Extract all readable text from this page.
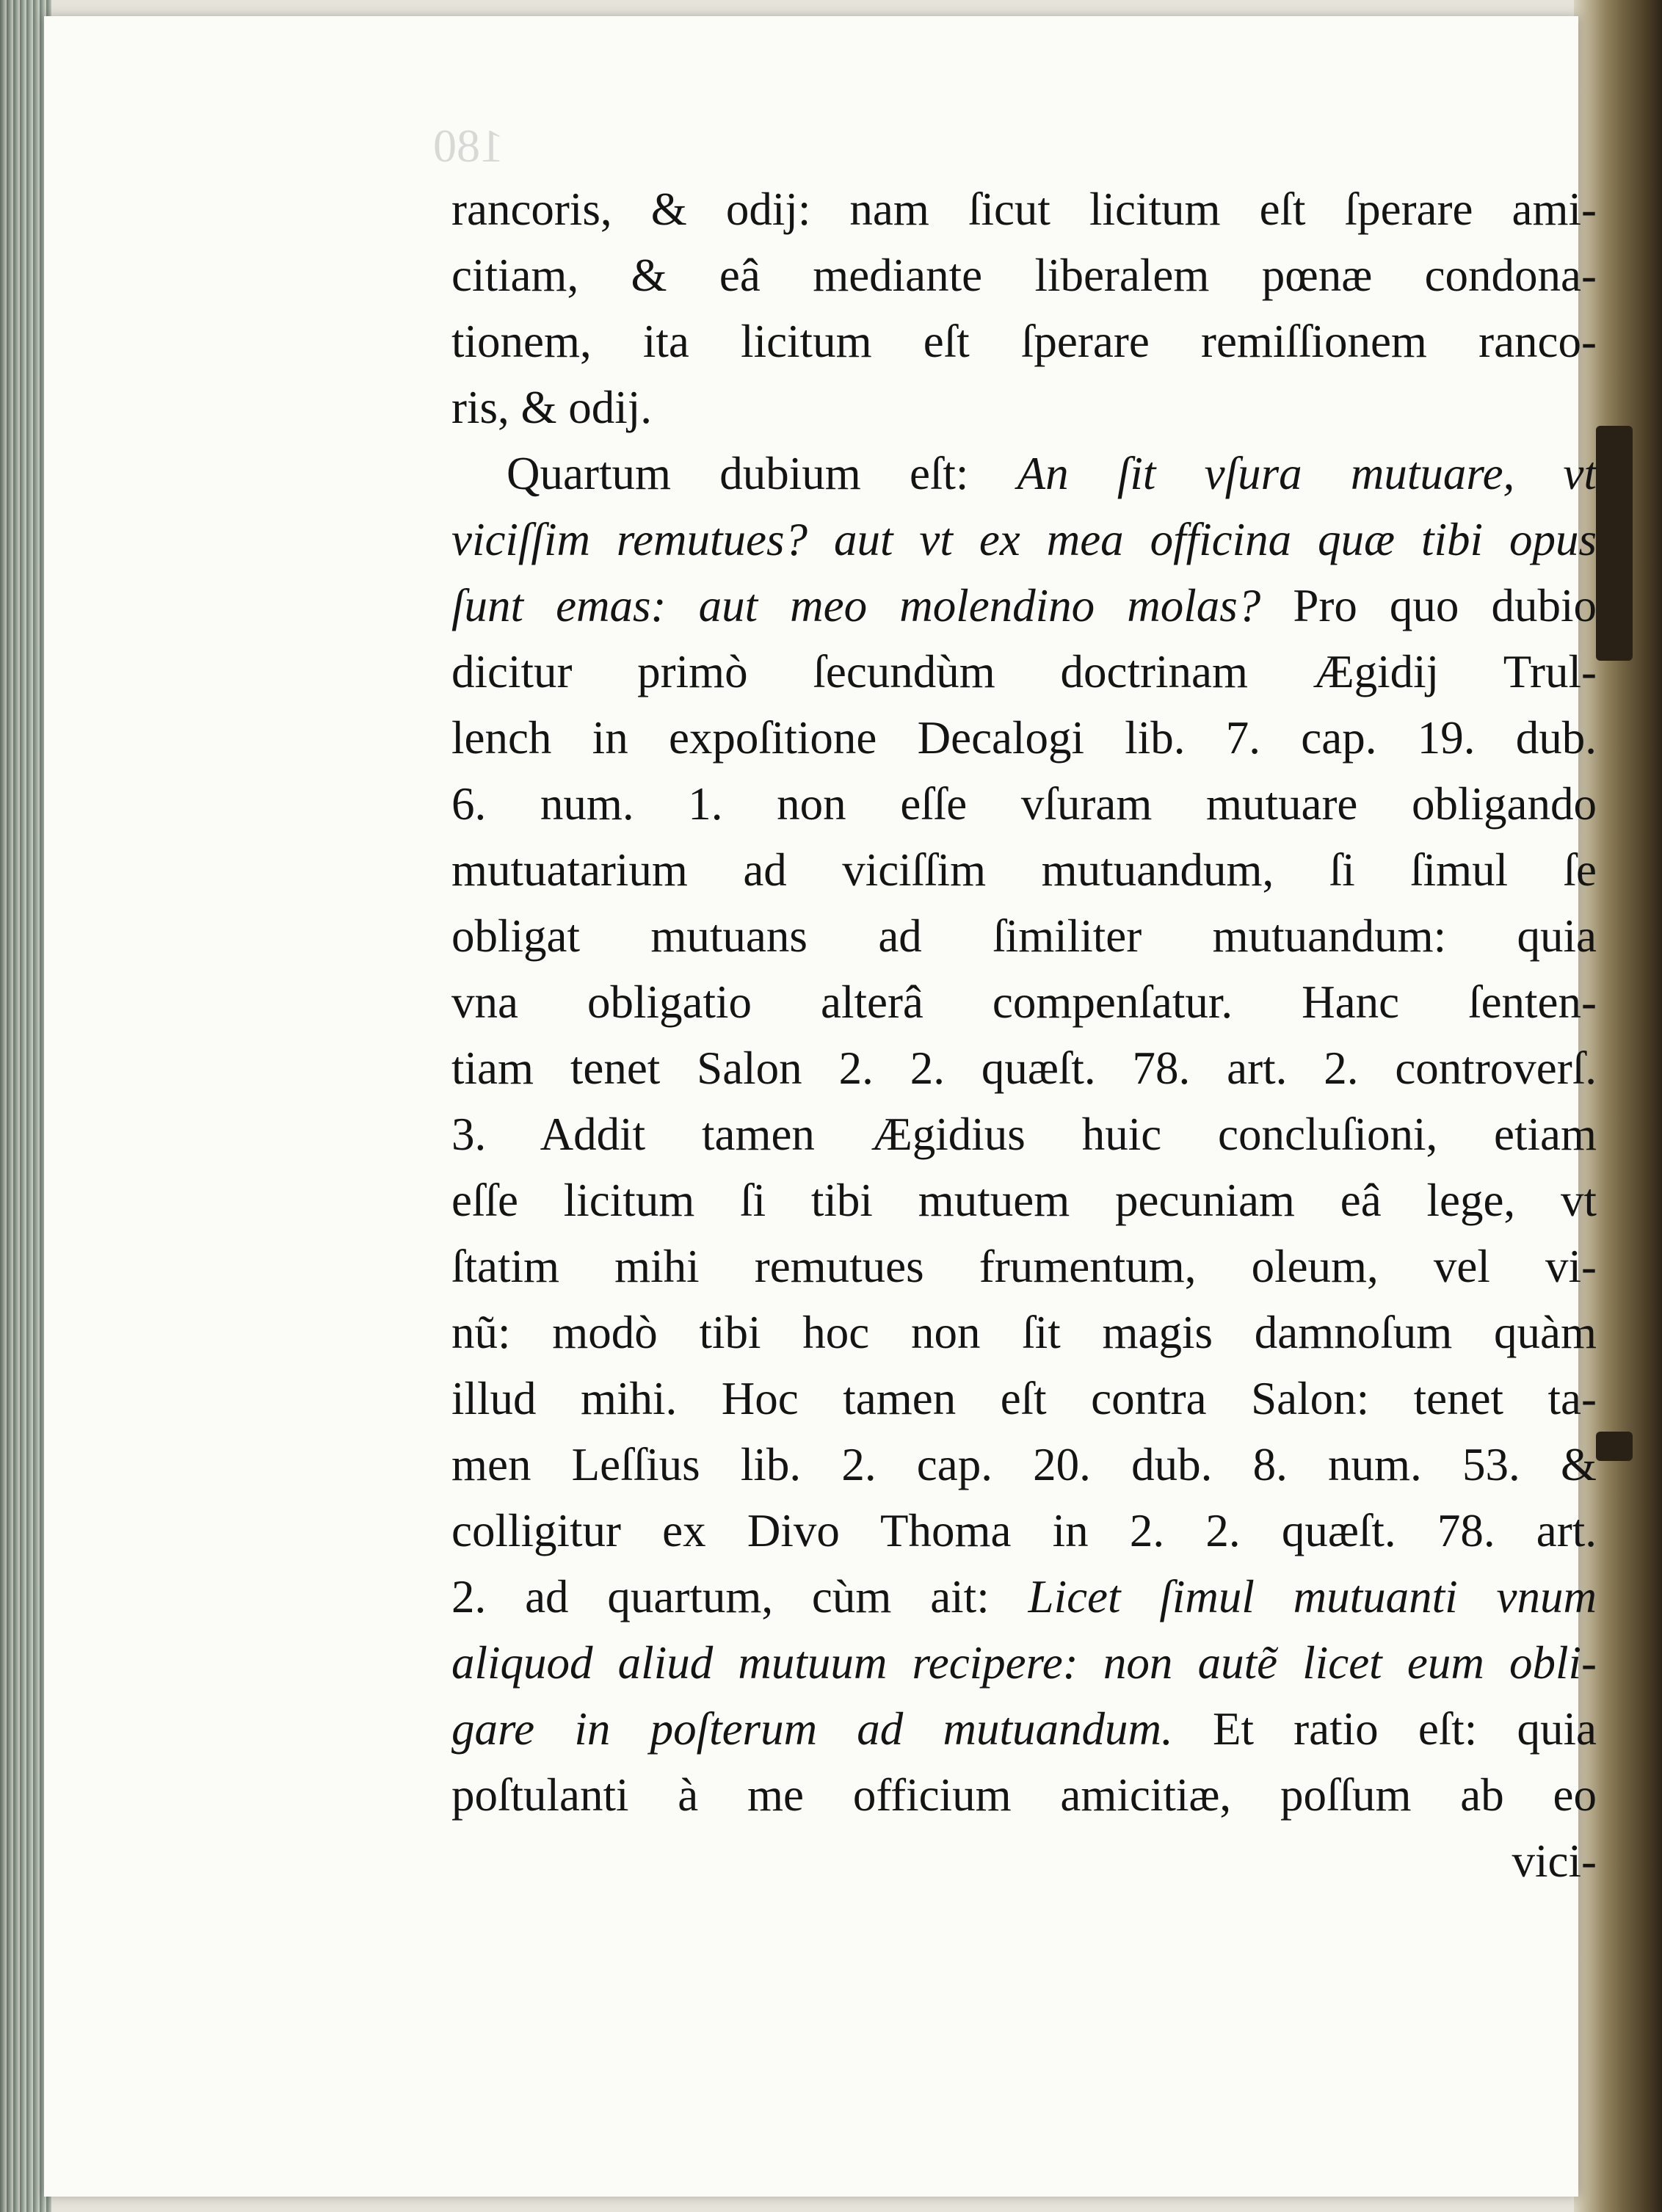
180
rancoris, & odij: nam ſicut licitum eſt ſperare ami-
citiam, & eâ mediante liberalem pœnæ condona-
tionem, ita licitum eſt ſperare remiſſionem ranco-
ris, & odij.
Quartum dubium eſt: An ſit vſura mutuare, vt
viciſſim remutues? aut vt ex mea officina quæ tibi opus
ſunt emas: aut meo molendino molas? Pro quo dubio
dicitur primò ſecundùm doctrinam Ægidij Trul-
lench in expoſitione Decalogi lib. 7. cap. 19. dub.
6. num. 1. non eſſe vſuram mutuare obligando
mutuatarium ad viciſſim mutuandum, ſi ſimul ſe
obligat mutuans ad ſimiliter mutuandum: quia
vna obligatio alterâ compenſatur. Hanc ſenten-
tiam tenet Salon 2. 2. quæſt. 78. art. 2. controverſ.
3. Addit tamen Ægidius huic concluſioni, etiam
eſſe licitum ſi tibi mutuem pecuniam eâ lege, vt
ſtatim mihi remutues frumentum, oleum, vel vi-
nũ: modò tibi hoc non ſit magis damnoſum quàm
illud mihi. Hoc tamen eſt contra Salon: tenet ta-
men Leſſius lib. 2. cap. 20. dub. 8. num. 53. &
colligitur ex Divo Thoma in 2. 2. quæſt. 78. art.
2. ad quartum, cùm ait: Licet ſimul mutuanti vnum
aliquod aliud mutuum recipere: non autẽ licet eum obli-
gare in poſterum ad mutuandum. Et ratio eſt: quia
poſtulanti à me officium amicitiæ, poſſum ab eo
vici-
